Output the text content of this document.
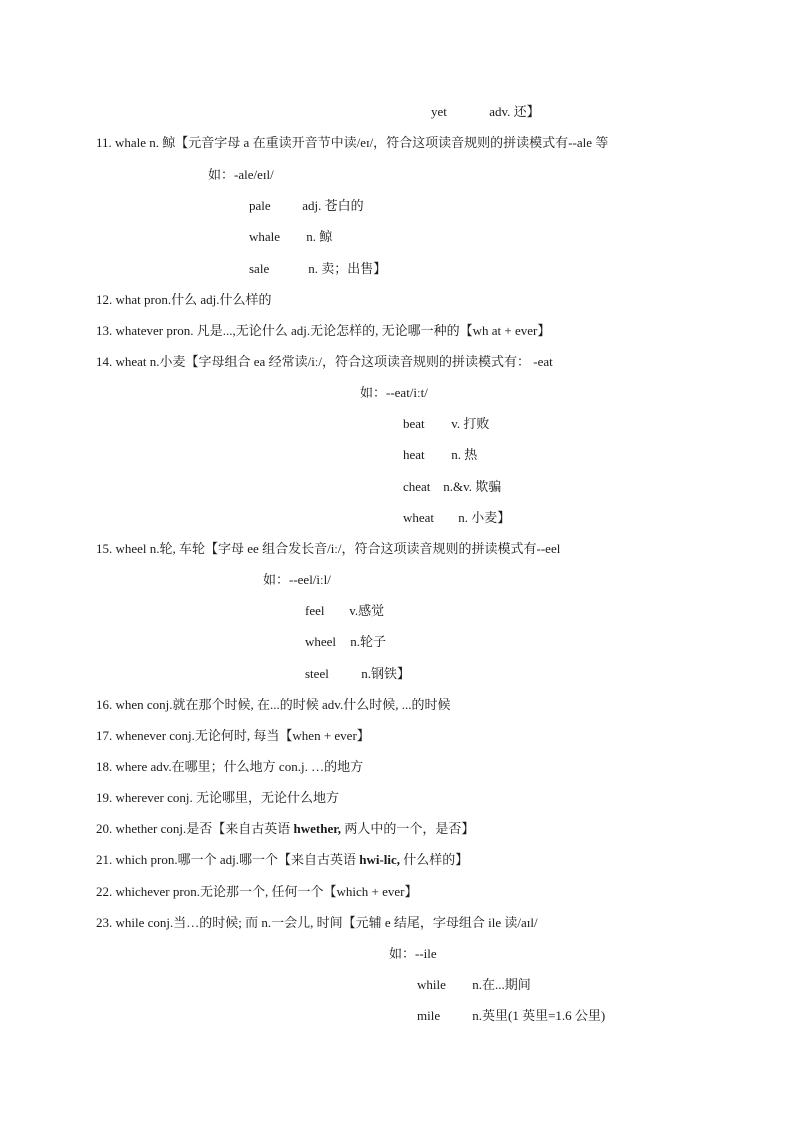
yet	adv. 还】
11. whale n. 鲸【元音字母 a 在重读开音节中读/eɪ/，符合这项读音规则的拼读模式有--ale 等
如：-ale/eɪl/
pale adj. 苍白的
whale n. 鲸
sale	n. 卖；出售】
12. what pron.什么 adj.什么样的
13. whatever pron. 凡是...,无论什么 adj.无论怎样的, 无论哪一种的【wh at + ever】
14. wheat n.小麦【字母组合 ea 经常读/iː/，符合这项读音规则的拼读模式有： -eat
如：--eat/iːt/
beat v. 打败
heat n. 热
cheat n.&v. 欺骗
wheat n. 小麦】
15. wheel n.轮, 车轮【字母 ee 组合发长音/iː/，符合这项读音规则的拼读模式有--eel
如：--eel/iːl/
feel v.感觉
wheel n.轮子
steel n.钢铁】
16. when conj.就在那个时候, 在...的时候 adv.什么时候, ...的时候
17. whenever conj.无论何时, 每当【when + ever】
18. where adv.在哪里；什么地方 con.j. …的地方
19. wherever conj. 无论哪里，无论什么地方
20. whether conj.是否【来自古英语 hwether, 两人中的一个，是否】
21. which pron.哪一个 adj.哪一个【来自古英语 hwi-lic, 什么样的】
22. whichever pron.无论那一个, 任何一个【which + ever】
23. while conj.当…的时候; 而 n.一会儿, 时间【元辅 e 结尾，字母组合 ile 读/aɪl/
如：--ile
while n.在...期间
mile n.英里(1 英里=1.6 公里)
